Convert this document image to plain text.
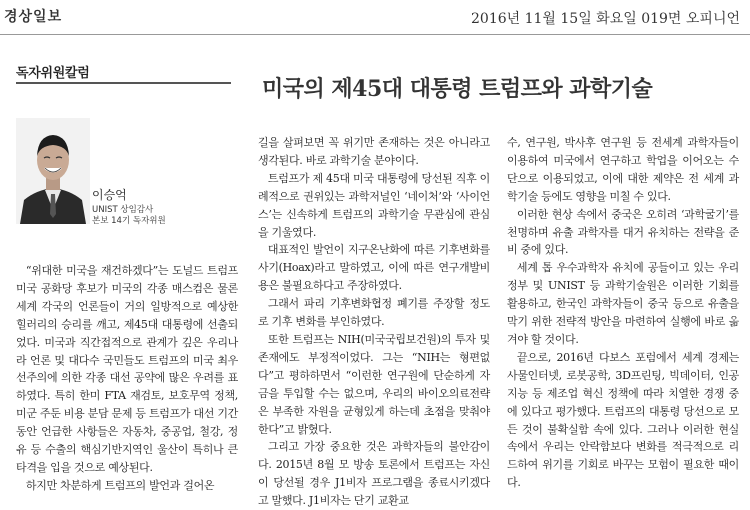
경상일보	2016년 11월 15일 화요일 019면 오피니언
독자위원칼럼
미국의 제45대 대통령 트럼프와 과학기술
이승억
UNIST 상임감사
본보 14기 독자위원

“위대한 미국을 재건하겠다”는 도널드 트럼프 미국 공화당 후보가 미국의 각종 매스컴은 물론 세계 각국의 언론들이 거의 일방적으로 예상한 힐러리의 승리를 깨고, 제45대 대통령에 선출되었다. 미국과 직간접적으로 관계가 깊은 우리나라 언론 및 대다수 국민들도 트럼프의 미국 최우선주의에 의한 각종 대선 공약에 많은 우려를 표하였다. 특히 한미 FTA 재검토, 보호무역 정책, 미군 주둔 비용 분담 문제 등 트럼프가 대선 기간 동안 언급한 사항들은 자동차, 중공업, 철강, 정유 등 수출의 핵심기반지역인 울산이 특히나 큰 타격을 입을 것으로 예상된다.

하지만 차분하게 트럼프의 발언과 걸어온

길을 살펴보면 꼭 위기만 존재하는 것은 아니라고 생각된다. 바로 과학기술 분야이다.

트럼프가 제 45대 미국 대통령에 당선된 직후 이례적으로 권위있는 과학저널인 ‘네이처’와 ‘사이언스’는 신속하게 트럼프의 과학기술 무관심에 관심을 기울였다.

대표적인 발언이 지구온난화에 따른 기후변화를 사기(Hoax)라고 말하였고, 이에 따른 연구개발비용은 불필요하다고 주장하였다.

그래서 파리 기후변화협정 폐기를 주장할 정도로 기후 변화를 부인하였다.

또한 트럼프는 NIH(미국국립보건원)의 투자 및 존재에도 부정적이었다. 그는 “NIH는 형편없다”고 평하하면서 “이런한 연구원에 단순하게 자금을 투입할 수는 없으며, 우리의 바이오의료전략은 부족한 자원을 균형있게 하는데 초점을 맞춰야 한다”고 밝혔다.

그리고 가장 중요한 것은 과학자들의 불안감이다. 2015년 8월 모 방송 토론에서 트럼프는 자신이 당선될 경우 J1비자 프로그램을 종료시키겠다고 말했다. J1비자는 단기 교환교

수, 연구원, 박사후 연구원 등 전세계 과학자들이 이용하여 미국에서 연구하고 학업을 이어오는 수단으로 이용되었고, 이에 대한 제약은 전 세계 과학기술 등에도 영향을 미칠 수 있다.

이러한 현상 속에서 중국은 오히려 ‘과학굴기’를 천명하며 유출 과학자를 대거 유치하는 전략을 준비 중에 있다.

세계 톱 우수과학자 유치에 공들이고 있는 우리 정부 및 UNIST 등 과학기술원은 이러한 기회를 활용하고, 한국인 과학자들이 중국 등으로 유출을 막기 위한 전략적 방안을 마련하여 실행에 바로 옮겨야 할 것이다.

끝으로, 2016년 다보스 포럼에서 세계 경제는 사물인터넷, 로봇공학, 3D프린팅, 빅데이터, 인공지능 등 제조업 혁신 정책에 따라 치열한 경쟁 중에 있다고 평가했다. 트럼프의 대통령 당선으로 모든 것이 불확실함 속에 있다. 그러나 이러한 현실 속에서 우리는 안락함보다 변화를 적극적으로 리드하여 위기를 기회로 바꾸는 모험이 필요한 때이다.
